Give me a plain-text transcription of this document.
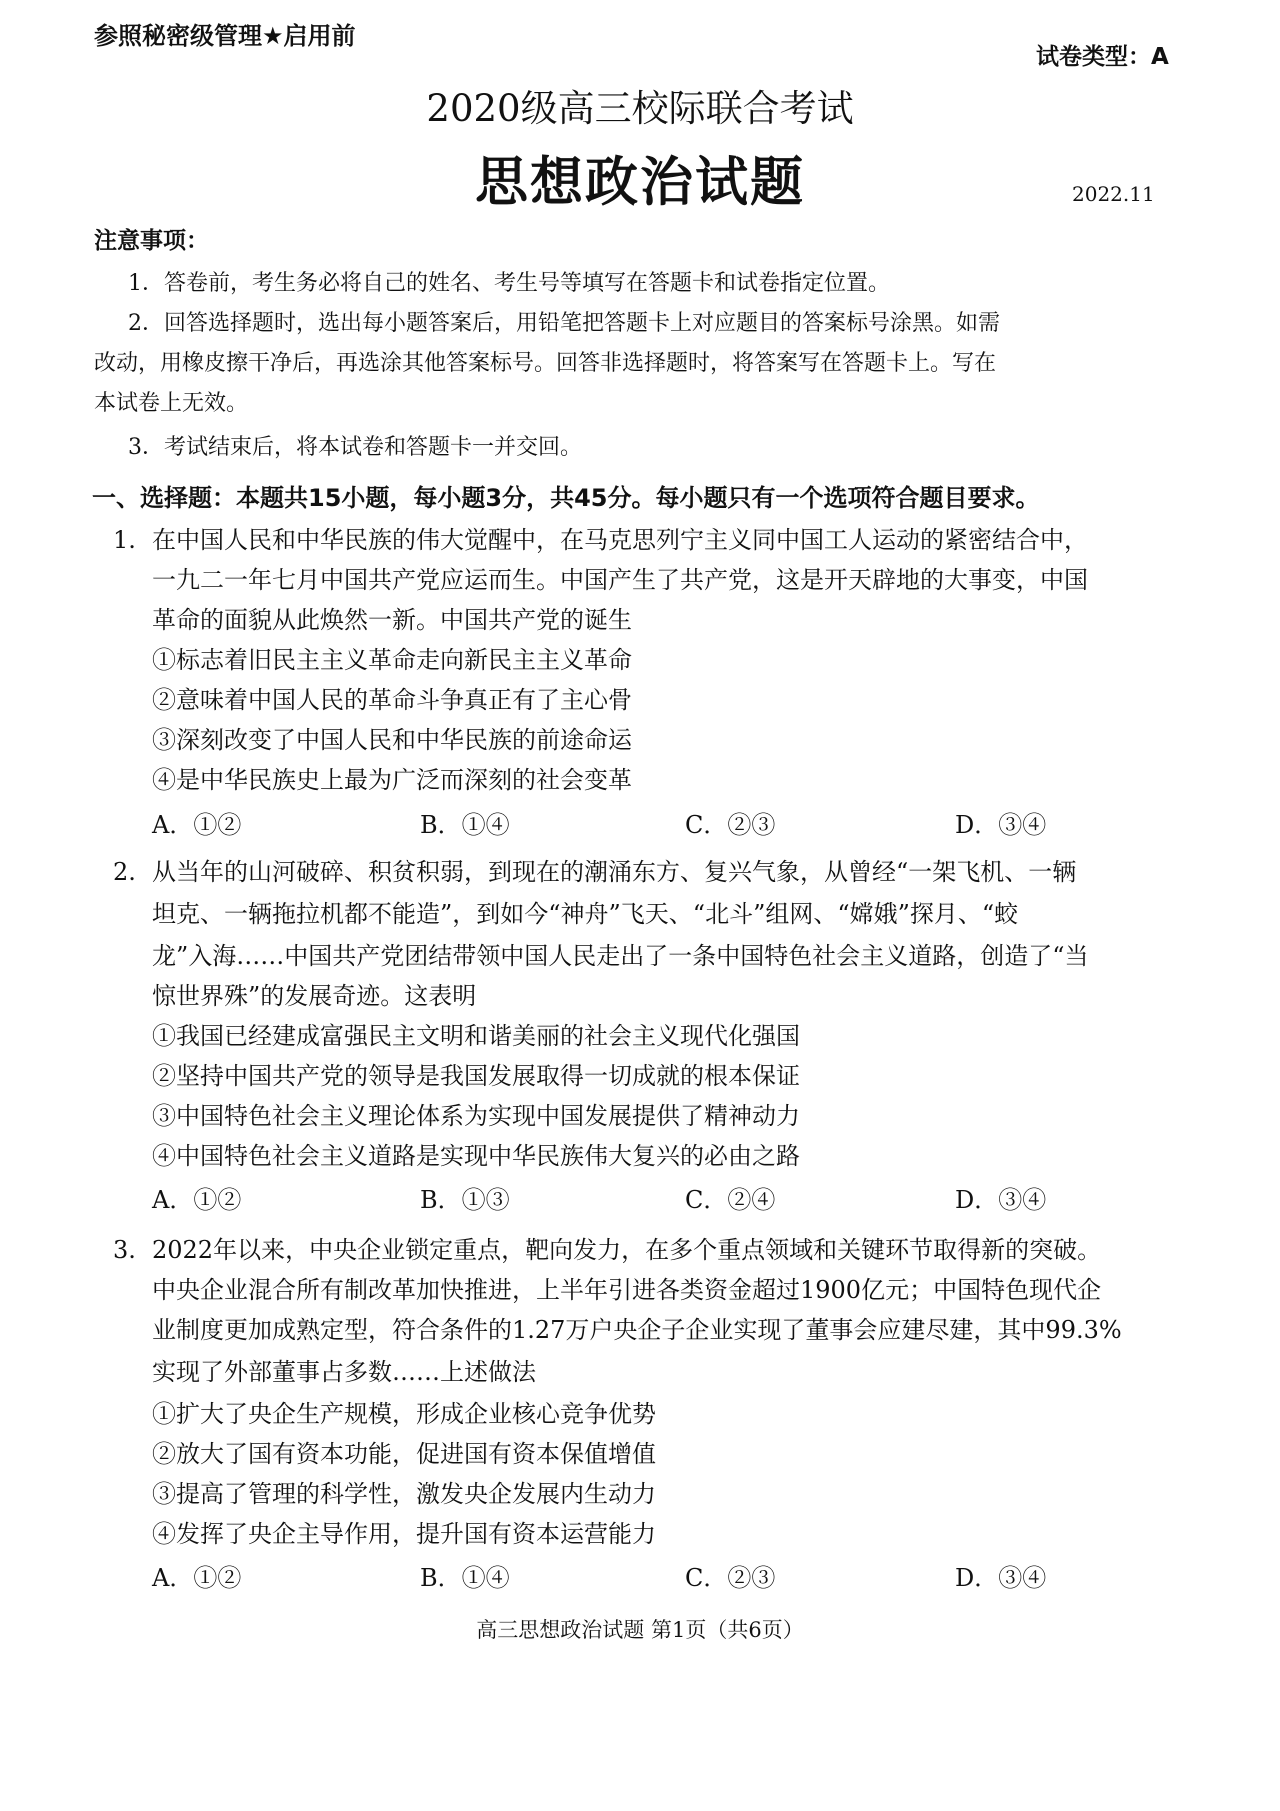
参照秘密级管理★启用前
试卷类型：A
2020级高三校际联合考试
思想政治试题	2022.11
注意事项：
1．答卷前，考生务必将自己的姓名、考生号等填写在答题卡和试卷指定位置。
2．回答选择题时，选出每小题答案后，用铅笔把答题卡上对应题目的答案标号涂黑。如需
改动，用橡皮擦干净后，再选涂其他答案标号。回答非选择题时，将答案写在答题卡上。写在
本试卷上无效。
3．考试结束后，将本试卷和答题卡一并交回。
一、选择题：本题共15小题，每小题3分，共45分。每小题只有一个选项符合题目要求。
1. 在中国人民和中华民族的伟大觉醒中，在马克思列宁主义同中国工人运动的紧密结合中，
一九二一年七月中国共产党应运而生。中国产生了共产党，这是开天辟地的大事变，中国
革命的面貌从此焕然一新。中国共产党的诞生
①标志着旧民主主义革命走向新民主主义革命
②意味着中国人民的革命斗争真正有了主心骨
③深刻改变了中国人民和中华民族的前途命运
④是中华民族史上最为广泛而深刻的社会变革
A．①②	B．①④	C．②③	D．③④
2. 从当年的山河破碎、积贫积弱，到现在的潮涌东方、复兴气象，从曾经“一架飞机、一辆
坦克、一辆拖拉机都不能造”，到如今“神舟”飞天、“北斗”组网、“嫦娥”探月、“蛟
龙”入海……中国共产党团结带领中国人民走出了一条中国特色社会主义道路，创造了“当
惊世界殊”的发展奇迹。这表明
①我国已经建成富强民主文明和谐美丽的社会主义现代化强国
②坚持中国共产党的领导是我国发展取得一切成就的根本保证
③中国特色社会主义理论体系为实现中国发展提供了精神动力
④中国特色社会主义道路是实现中华民族伟大复兴的必由之路
A．①②	B．①③	C．②④	D．③④
3. 2022年以来，中央企业锁定重点，靶向发力，在多个重点领域和关键环节取得新的突破。
中央企业混合所有制改革加快推进，上半年引进各类资金超过1900亿元；中国特色现代企
业制度更加成熟定型，符合条件的1.27万户央企子企业实现了董事会应建尽建，其中99.3%
实现了外部董事占多数……上述做法
①扩大了央企生产规模，形成企业核心竞争优势
②放大了国有资本功能，促进国有资本保值增值
③提高了管理的科学性，激发央企发展内生动力
④发挥了央企主导作用，提升国有资本运营能力
A．①②	B．①④	C．②③	D．③④
高三思想政治试题 第1页（共6页）
